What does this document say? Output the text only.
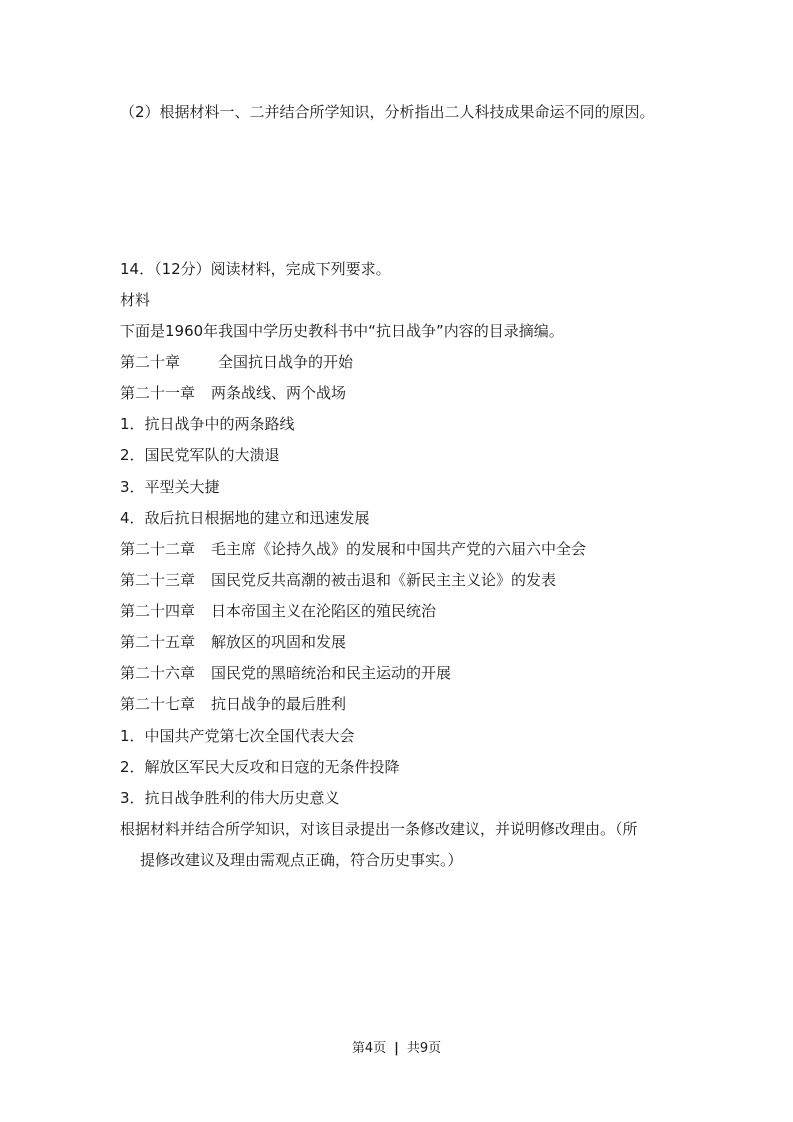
（2）根据材料一、二并结合所学知识，分析指出二人科技成果命运不同的原因。
14．（12分）阅读材料，完成下列要求。
材料
下面是1960年我国中学历史教科书中“抗日战争”内容的目录摘编。
第二十章	全国抗日战争的开始
第二十一章 两条战线、两个战场
1．抗日战争中的两条路线
2．国民党军队的大溃退
3．平型关大捷
4．敌后抗日根据地的建立和迅速发展
第二十二章 毛主席《论持久战》的发展和中国共产党的六届六中全会
第二十三章 国民党反共高潮的被击退和《新民主主义论》的发表
第二十四章 日本帝国主义在沦陷区的殖民统治
第二十五章 解放区的巩固和发展
第二十六章 国民党的黑暗统治和民主运动的开展
第二十七章 抗日战争的最后胜利
1．中国共产党第七次全国代表大会
2．解放区军民大反攻和日寇的无条件投降
3．抗日战争胜利的伟大历史意义
根据材料并结合所学知识，对该目录提出一条修改建议，并说明修改理由。（所
提修改建议及理由需观点正确，符合历史事实。）
第4页 | 共9页
